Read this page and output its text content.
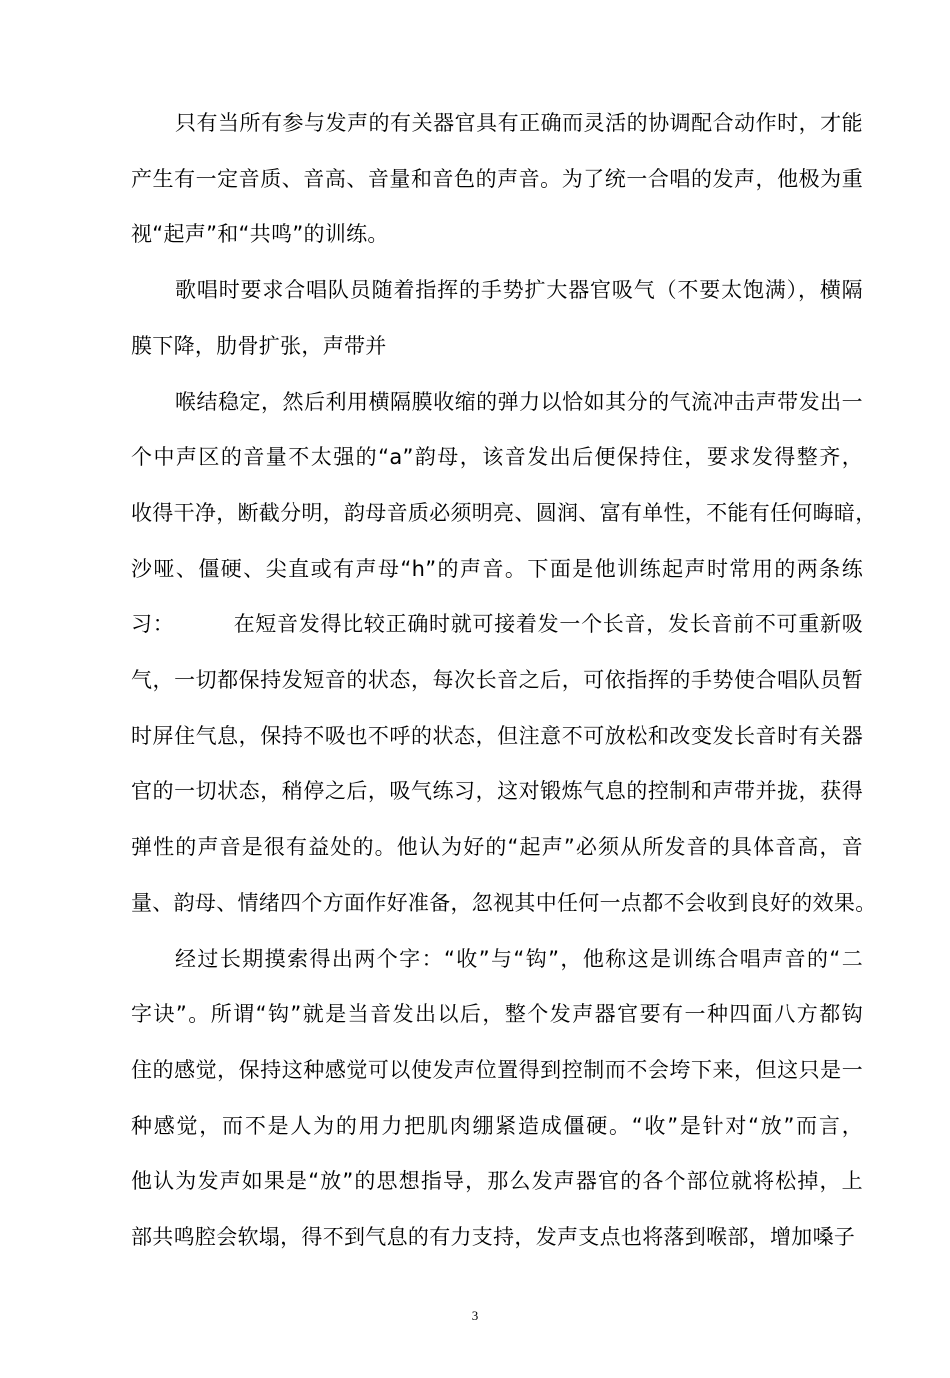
只有当所有参与发声的有关器官具有正确而灵活的协调配合动作时，才能
产生有一定音质、音高、音量和音色的声音。为了统一合唱的发声，他极为重
视“起声”和“共鸣”的训练。

歌唱时要求合唱队员随着指挥的手势扩大器官吸气（不要太饱满），横隔
膜下降，肋骨扩张，声带并

喉结稳定，然后利用横隔膜收缩的弹力以恰如其分的气流冲击声带发出一
个中声区的音量不太强的“a”韵母，该音发出后便保持住，要求发得整齐，
收得干净，断截分明，韵母音质必须明亮、圆润、富有单性，不能有任何晦暗，
沙哑、僵硬、尖直或有声母“h”的声音。下面是他训练起声时常用的两条练
习：        在短音发得比较正确时就可接着发一个长音，发长音前不可重新吸
气，一切都保持发短音的状态，每次长音之后，可依指挥的手势使合唱队员暂
时屏住气息，保持不吸也不呼的状态，但注意不可放松和改变发长音时有关器
官的一切状态，稍停之后，吸气练习，这对锻炼气息的控制和声带并拢，获得
弹性的声音是很有益处的。他认为好的“起声”必须从所发音的具体音高，音
量、韵母、情绪四个方面作好准备，忽视其中任何一点都不会收到良好的效果。

经过长期摸索得出两个字：“收”与“钩”，他称这是训练合唱声音的“二
字诀”。所谓“钩”就是当音发出以后，整个发声器官要有一种四面八方都钩
住的感觉，保持这种感觉可以使发声位置得到控制而不会垮下来，但这只是一
种感觉，而不是人为的用力把肌肉绷紧造成僵硬。“收”是针对“放”而言，
他认为发声如果是“放”的思想指导，那么发声器官的各个部位就将松掉，上
部共鸣腔会软塌，得不到气息的有力支持，发声支点也将落到喉部，增加嗓子

3
